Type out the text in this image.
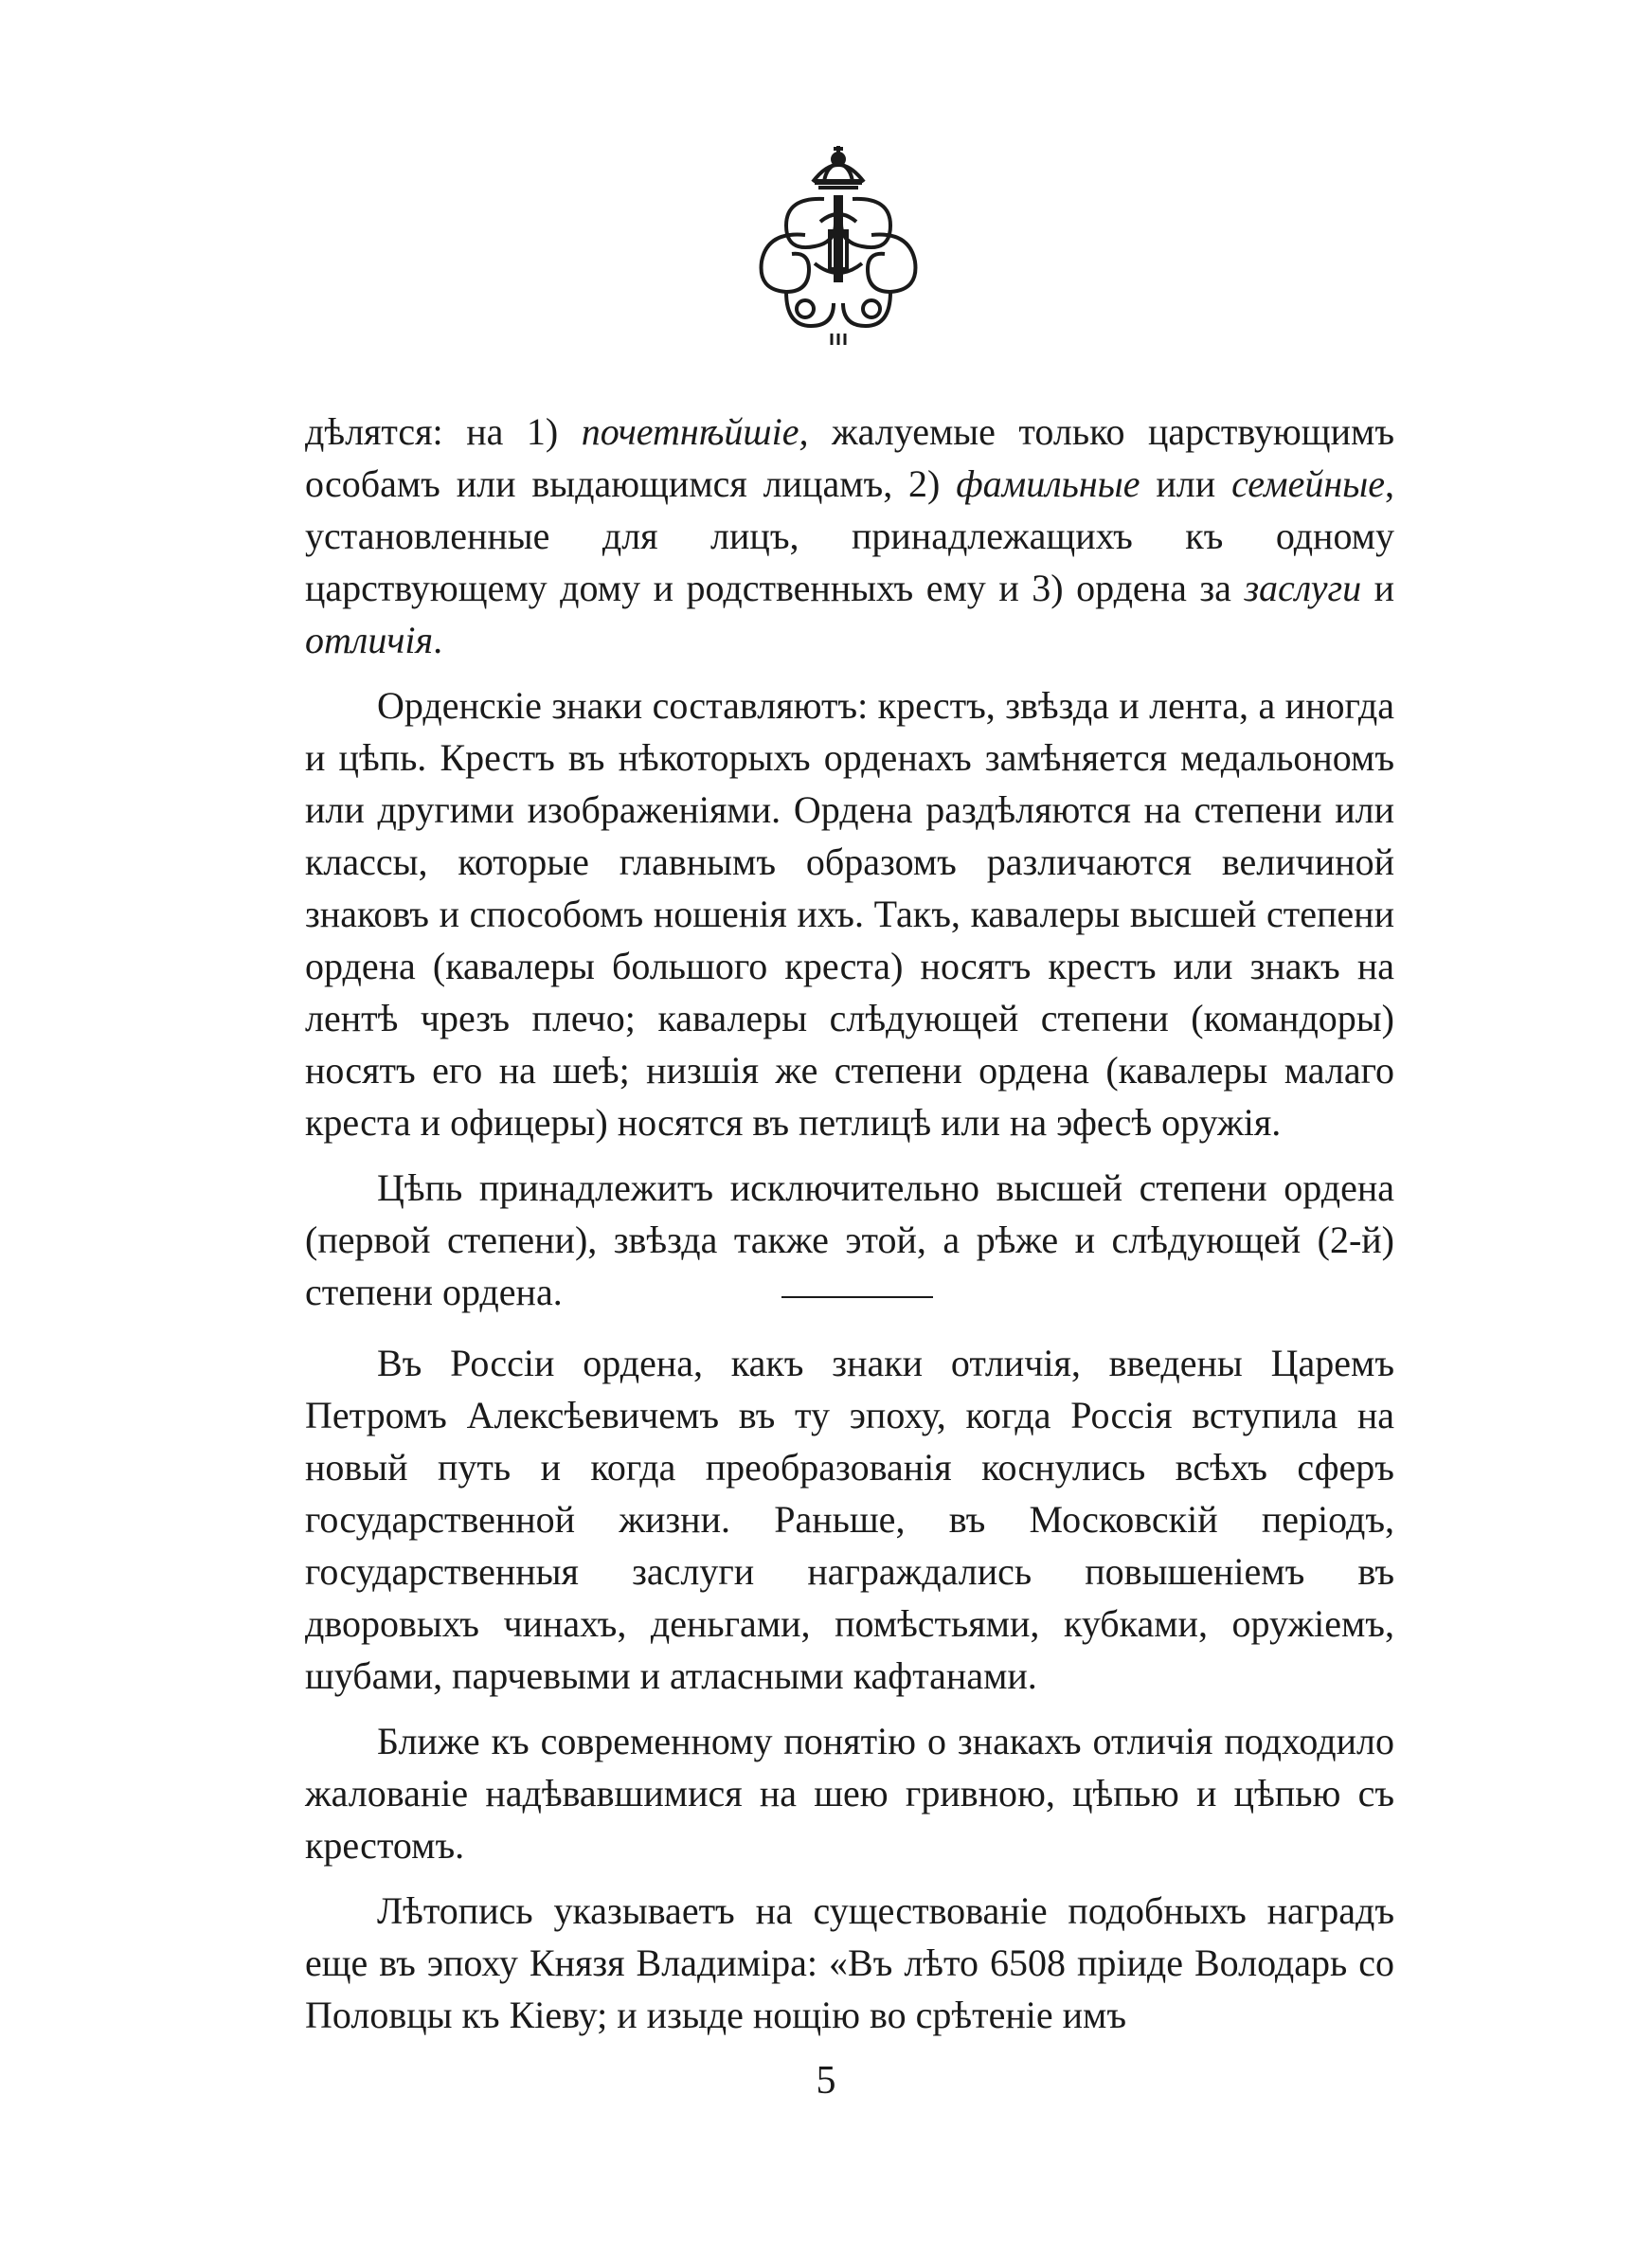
дѣлятся: на 1) почетнѣйшіе, жалуемые только царствующимъ особамъ или выдающимся лицамъ, 2) фамильные или семейные, установленные для лицъ, принадлежащихъ къ одному царствующему дому и родственныхъ ему и 3) ордена за заслуги и отличія.

Орденскіе знаки составляютъ: крестъ, звѣзда и лента, а иногда и цѣпь. Крестъ въ нѣкоторыхъ орденахъ замѣняется медальономъ или другими изображеніями. Ордена раздѣляются на степени или классы, которые главнымъ образомъ различаются величиной знаковъ и способомъ ношенія ихъ. Такъ, кавалеры высшей степени ордена (кавалеры большого креста) носятъ крестъ или знакъ на лентѣ чрезъ плечо; кавалеры слѣдующей степени (командоры) носятъ его на шеѣ; низшія же степени ордена (кавалеры малаго креста и офицеры) носятся въ петлицѣ или на эфесѣ оружія.

Цѣпь принадлежитъ исключительно высшей степени ордена (первой степени), звѣзда также этой, а рѣже и слѣдующей (2-й) степени ордена.

Въ Россіи ордена, какъ знаки отличія, введены Царемъ Петромъ Алексѣевичемъ въ ту эпоху, когда Россія вступила на новый путь и когда преобразованія коснулись всѣхъ сферъ государственной жизни. Раньше, въ Московскій періодъ, государственныя заслуги награждались повышеніемъ въ дворовыхъ чинахъ, деньгами, помѣстьями, кубками, оружіемъ, шубами, парчевыми и атласными кафтанами.

Ближе къ современному понятію о знакахъ отличія подходило жалованіе надѣвавшимися на шею гривною, цѣпью и цѣпью съ крестомъ.

Лѣтопись указываетъ на существованіе подобныхъ наградъ еще въ эпоху Князя Владиміра: «Въ лѣто 6508 пріиде Володарь со Половцы къ Кіеву; и изыде нощію во срѣтеніе имъ

5
